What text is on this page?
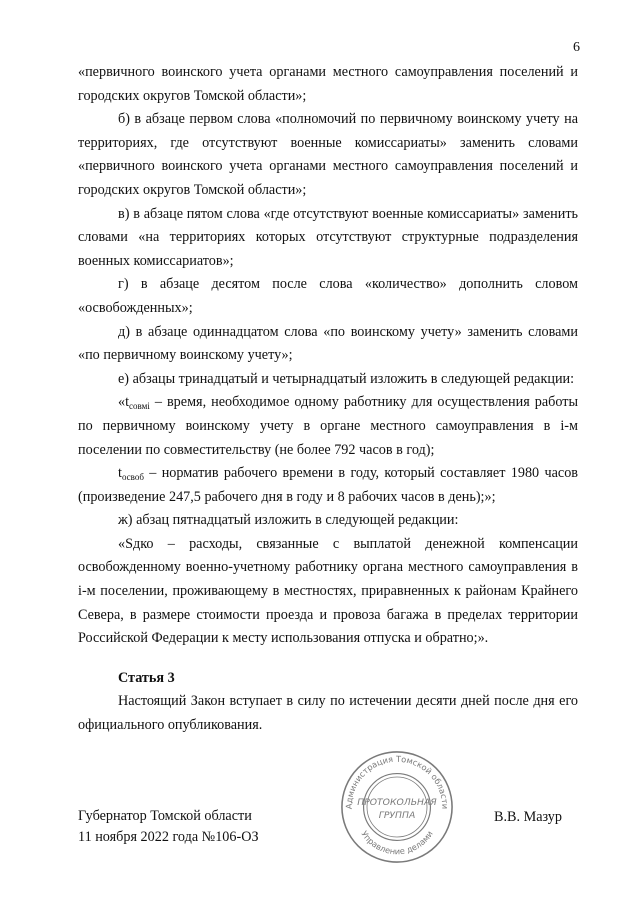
6

«первичного воинского учета органами местного самоуправления поселений и городских округов Томской области»;

б) в абзаце первом слова «полномочий по первичному воинскому учету на территориях, где отсутствуют военные комиссариаты» заменить словами «первичного воинского учета органами местного самоуправления поселений и городских округов Томской области»;

в) в абзаце пятом слова «где отсутствуют военные комиссариаты» заменить словами «на территориях которых отсутствуют структурные подразделения военных комиссариатов»;

г) в абзаце десятом после слова «количество» дополнить словом «освобожденных»;

д) в абзаце одиннадцатом слова «по воинскому учету» заменить словами «по первичному воинскому учету»;

е) абзацы тринадцатый и четырнадцатый изложить в следующей редакции:

«$t_{совмi}$ – время, необходимое одному работнику для осуществления работы по первичному воинскому учету в органе местного самоуправления в i-м поселении по совместительству (не более 792 часов в год);

$t_{освоб}$ – норматив рабочего времени в году, который составляет 1980 часов (произведение 247,5 рабочего дня в году и 8 рабочих часов в день);»;

ж) абзац пятнадцатый изложить в следующей редакции:

«Sдко – расходы, связанные с выплатой денежной компенсации освобожденному военно-учетному работнику органа местного самоуправления в i-м поселении, проживающему в местностях, приравненных к районам Крайнего Севера, в размере стоимости проезда и провоза багажа в пределах территории Российской Федерации к месту использования отпуска и обратно;».

Статья 3

Настоящий Закон вступает в силу по истечении десяти дней после дня его официального опубликования.

Губернатор Томской области
11 ноября 2022 года №106-ОЗ
В.В. Мазур
Администрация Томской области
Управление делами
ПРОТОКОЛЬНАЯ
ГРУППА
